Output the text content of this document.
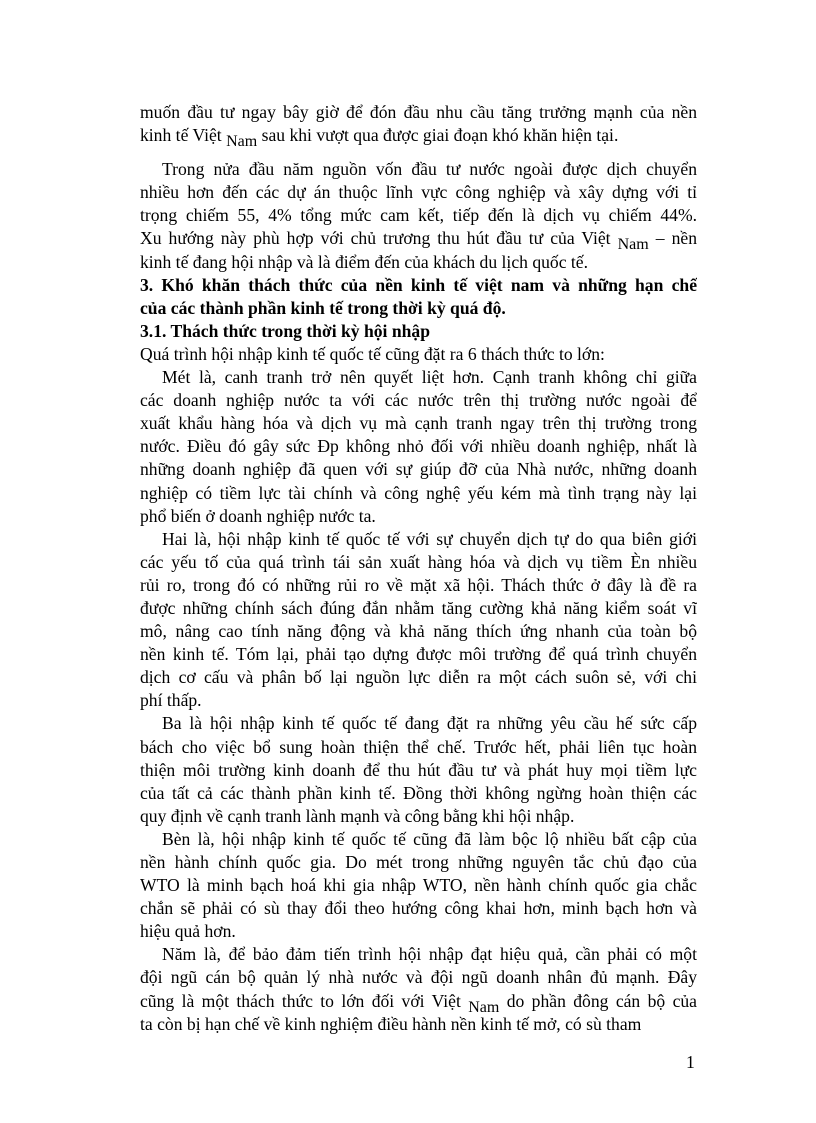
muốn đầu tư ngay bây giờ để đón đầu nhu cầu tăng trưởng mạnh của nền
kinh tế Việt Nam sau khi vượt qua được giai đoạn khó khăn hiện tại.
Trong nửa đầu năm nguồn vốn đầu tư nước ngoài được dịch chuyển
nhiều hơn đến các dự án thuộc lĩnh vực công nghiệp và xây dựng với tỉ
trọng chiếm 55, 4% tổng mức cam kết, tiếp đến là dịch vụ chiếm 44%.
Xu hướng này phù hợp với chủ trương thu hút đầu tư của Việt Nam – nền
kinh tế đang hội nhập và là điểm đến của khách du lịch quốc tế.
3. Khó khăn thách thức của nền kinh tế việt nam và những hạn chế
của các thành phần kinh tế trong thời kỳ quá độ.
3.1. Thách thức trong thời kỳ hội nhập
Quá trình hội nhập kinh tế quốc tế cũng đặt ra 6 thách thức to lớn:
Mét là, canh tranh trở nên quyết liệt hơn. Cạnh tranh không chỉ giữa
các doanh nghiệp nước ta với các nước trên thị trường nước ngoài để
xuất khẩu hàng hóa và dịch vụ mà cạnh tranh ngay trên thị trường trong
nước. Điều đó gây sức Ðp không nhỏ đối với nhiều doanh nghiệp, nhất là
những doanh nghiệp đã quen với sự giúp đỡ của Nhà nước, những doanh
nghiệp có tiềm lực tài chính và công nghệ yếu kém mà tình trạng này lại
phổ biến ở doanh nghiệp nước ta.
Hai là, hội nhập kinh tế quốc tế với sự chuyển dịch tự do qua biên giới
các yếu tố của quá trình tái sản xuất hàng hóa và dịch vụ tiềm Èn nhiều
rủi ro, trong đó có những rủi ro về mặt xã hội. Thách thức ở đây là đề ra
được những chính sách đúng đắn nhằm tăng cường khả năng kiểm soát vĩ
mô, nâng cao tính năng động và khả năng thích ứng nhanh của toàn bộ
nền kinh tế. Tóm lại, phải tạo dựng được môi trường để quá trình chuyển
dịch cơ cấu và phân bố lại nguồn lực diễn ra một cách suôn sẻ, với chi
phí thấp.
Ba là hội nhập kinh tế quốc tế đang đặt ra những yêu cầu hế sức cấp
bách cho việc bổ sung hoàn thiện thể chế. Trước hết, phải liên tục hoàn
thiện môi trường kinh doanh để thu hút đầu tư và phát huy mọi tiềm lực
của tất cả các thành phần kinh tế. Đồng thời không ngừng hoàn thiện các
quy định về cạnh tranh lành mạnh và công bằng khi hội nhập.
Bèn là, hội nhập kinh tế quốc tế cũng đã làm bộc lộ nhiều bất cập của
nền hành chính quốc gia. Do mét trong những nguyên tắc chủ đạo của
WTO là minh bạch hoá khi gia nhập WTO, nền hành chính quốc gia chắc
chắn sẽ phải có sù thay đổi theo hướng công khai hơn, minh bạch hơn và
hiệu quả hơn.
Năm là, để bảo đảm tiến trình hội nhập đạt hiệu quả, cần phải có một
đội ngũ cán bộ quản lý nhà nước và đội ngũ doanh nhân đủ mạnh. Đây
cũng là một thách thức to lớn đối với Việt Nam do phần đông cán bộ của
ta còn bị hạn chế về kinh nghiệm điều hành nền kinh tế mở, có sù tham
1
